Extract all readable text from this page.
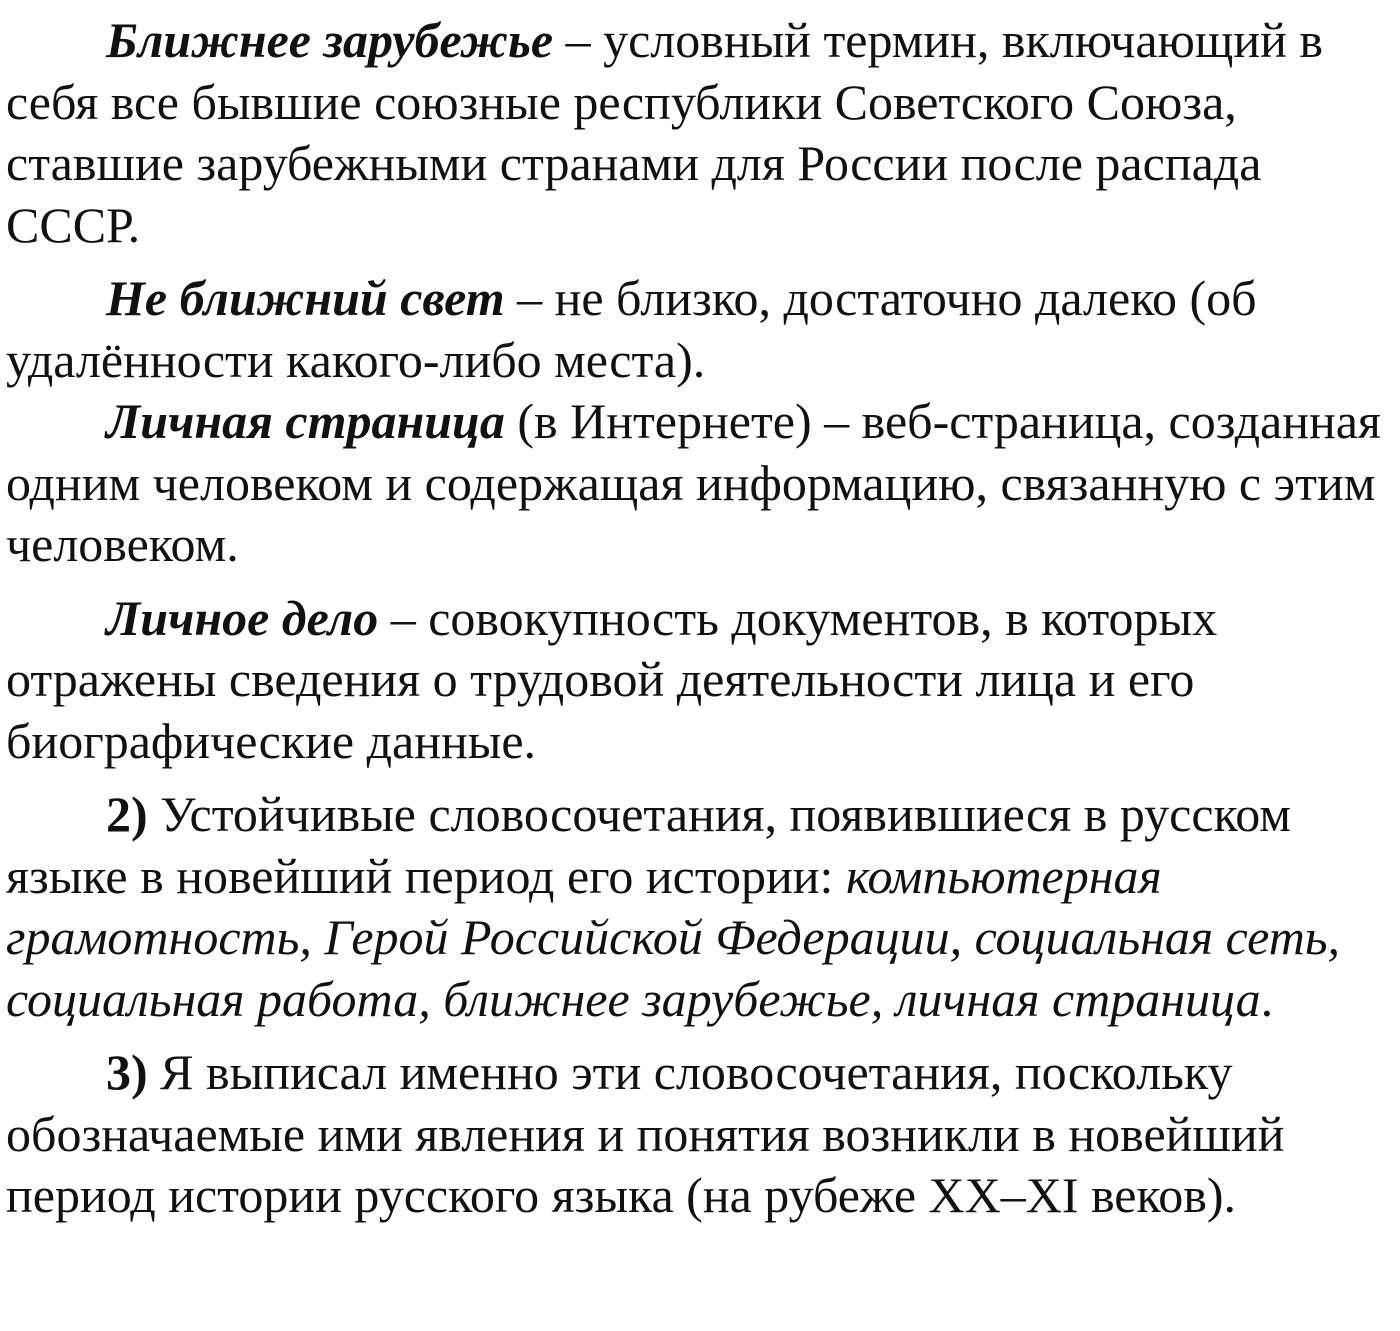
Ближнее зарубежье – условный термин, включающий в себя все бывшие союзные республики Советского Союза, ставшие зарубежными странами для России после распада СССР.

Не ближний свет – не близко, достаточно далеко (об удалённости какого-либо места).

Личная страница (в Интернете) – веб-страница, созданная одним человеком и содержащая информацию, связанную с этим человеком.

Личное дело – совокупность документов, в которых отражены сведения о трудовой деятельности лица и его биографические данные.

2) Устойчивые словосочетания, появившиеся в русском языке в новейший период его истории: компьютерная грамотность, Герой Российской Федерации, социальная сеть, социальная работа, ближнее зарубежье, личная страница.

3) Я выписал именно эти словосочетания, поскольку обозначаемые ими явления и понятия возникли в новейший период истории русского языка (на рубеже XX–XI веков).
